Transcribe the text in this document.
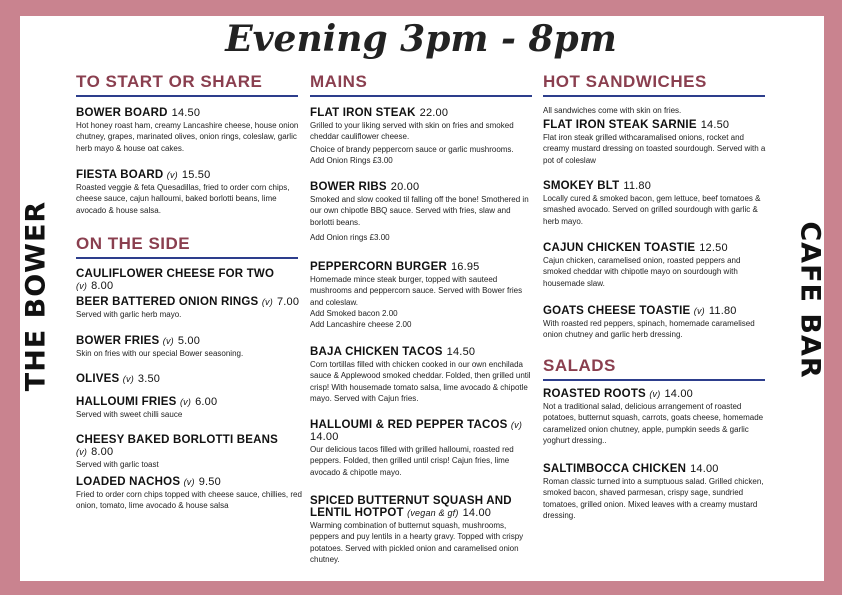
Evening 3pm - 8pm
THE BOWER	CAFE BAR
TO START OR SHARE
BOWER BOARD 14.50
Hot honey roast ham, creamy Lancashire cheese, house onion chutney, grapes, marinated olives, onion rings, coleslaw, garlic herb mayo & house oat cakes.
FIESTA BOARD (v) 15.50
Roasted veggie & feta Quesadillas, fried to order corn chips, cheese sauce, cajun halloumi, baked borlotti beans, lime avocado & house salsa.
ON THE SIDE
CAULIFLOWER CHEESE FOR TWO (v) 8.00
BEER BATTERED ONION RINGS (v) 7.00
Served with garlic herb mayo.
BOWER FRIES (v) 5.00
Skin on fries with our special Bower seasoning.
OLIVES (v) 3.50
HALLOUMI FRIES (v) 6.00
Served with sweet chilli sauce
CHEESY BAKED BORLOTTI BEANS (v) 8.00
Served with garlic toast
LOADED NACHOS (v) 9.50
Fried to order corn chips topped with cheese sauce, chillies, red onion, tomato, lime avocado & house salsa
MAINS
FLAT IRON STEAK 22.00
Grilled to your liking served with skin on fries and smoked cheddar cauliflower cheese.
Choice of brandy peppercorn sauce or garlic mushrooms.
Add Onion Rings £3.00
BOWER RIBS 20.00
Smoked and slow cooked til falling off the bone! Smothered in our own chipotle BBQ sauce. Served with fries, slaw and borlotti beans.
Add Onion rings £3.00
PEPPERCORN BURGER 16.95
Homemade mince steak burger, topped with sauteed mushrooms and peppercorn sauce. Served with Bower fries and coleslaw.
Add Smoked bacon 2.00
Add Lancashire cheese 2.00
BAJA CHICKEN TACOS 14.50
Corn tortillas filled with chicken cooked in our own enchilada sauce & Applewood smoked cheddar. Folded, then grilled until crisp! With housemade tomato salsa, lime avocado & chipotle mayo. Served with Cajun fries.
HALLOUMI & RED PEPPER TACOS (v)
14.00
Our delicious tacos filled with grilled halloumi, roasted red peppers. Folded, then grilled until crisp! Cajun fries, lime avocado & chipotle mayo.
SPICED BUTTERNUT SQUASH AND LENTIL HOTPOT (vegan & gf) 14.00
Warming combination of butternut squash, mushrooms, peppers and puy lentils in a hearty gravy. Topped with crispy potatoes. Served with pickled onion and caramelised onion chutney.
HOT SANDWICHES
All sandwiches come with skin on fries.
FLAT IRON STEAK SARNIE 14.50
Flat iron steak grilled withcaramalised onions, rocket and creamy mustard dressing on toasted sourdough. Served with a pot of coleslaw
SMOKEY BLT 11.80
Locally cured & smoked bacon, gem lettuce, beef tomatoes & smashed avocado. Served on grilled sourdough with garlic & herb mayo.
CAJUN CHICKEN TOASTIE 12.50
Cajun chicken, caramelised onion, roasted peppers and smoked cheddar with chipotle mayo on sourdough with housemade slaw.
GOATS CHEESE TOASTIE (v) 11.80
With roasted red peppers, spinach, homemade caramelised onion chutney and garlic herb dressing.
SALADS
ROASTED ROOTS (v) 14.00
Not a traditional salad, delicious arrangement of roasted potatoes, butternut squash, carrots, goats cheese, homemade caramelized onion chutney, apple, pumpkin seeds & garlic yoghurt dressing..
SALTIMBOCCA CHICKEN 14.00
Roman classic turned into a sumptuous salad. Grilled chicken, smoked bacon, shaved parmesan, crispy sage, sundried tomatoes, grilled onion. Mixed leaves with a creamy mustard dressing.
